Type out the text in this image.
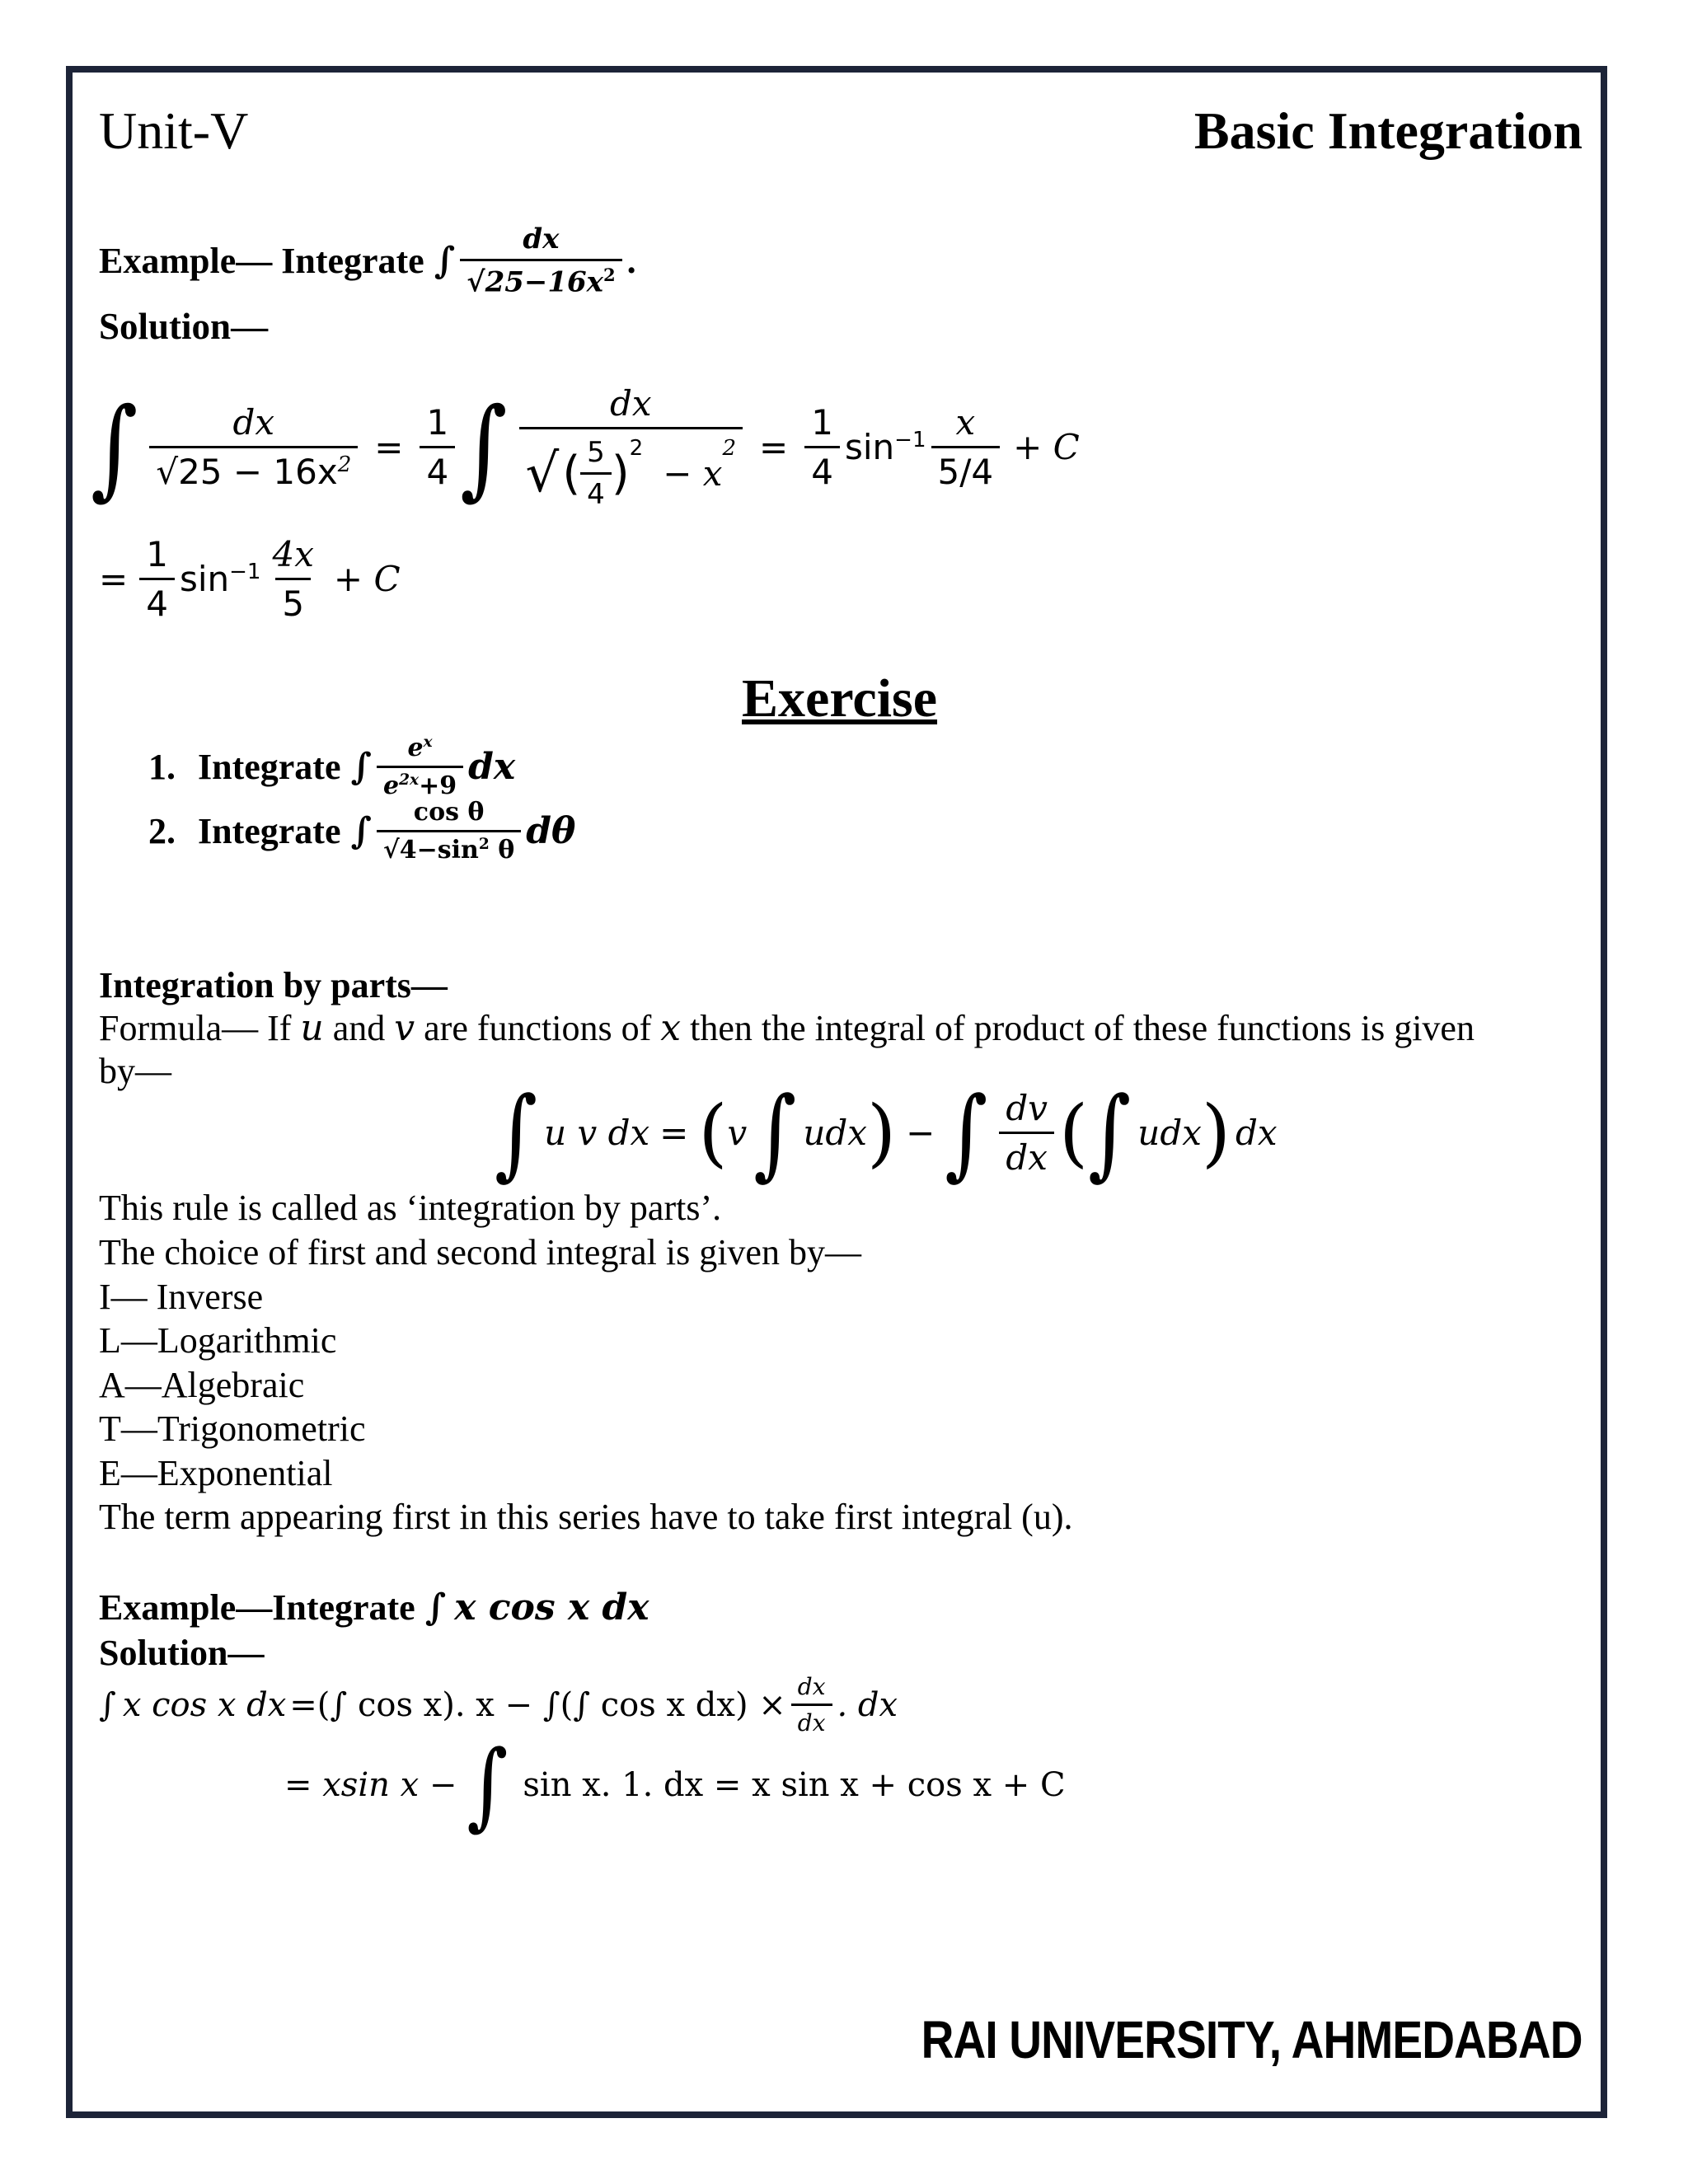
Unit-V	Basic Integration
Example— Integrate ∫ $\frac{dx}{√25-16x^2}$ .
Solution—
∫ $\frac{dx}{√25 - 16x^2} = \frac{1}{4}$ ∫	dx
√ ( $\frac{5}{4} )^2$
− x
$^2 = \frac{1}{4} \sin^{-1} \frac{x}{5/4} + C$
= $\frac{1}{4} \sin^{-1} \frac{4x}{5} + C$
Exercise
1. Integrate ∫ $\frac{e^x}{e^{2x}+9}$ dx
2. Integrate ∫ $\frac{\text{cos θ}}{√4-\sin^2 \theta}$ dθ
Integration by parts—
Formula— If u and v are functions of x then the integral of product of these functions is given
by—
∫ u v dx = ( v ∫ udx ) − ∫ $\frac{dv}{dx}$ ( ∫ udx ) dx
This rule is called as ‘integration by parts’.
The choice of first and second integral is given by—
I— Inverse
L—Logarithmic
A—Algebraic
T—Trigonometric
E—Exponential
The term appearing first in this series have to take first integral (u).
Example—Integrate ∫ x cos x dx
Solution—
∫ x cos x dx =(∫ cos x). x − ∫(∫ cos x $dx) \times \frac{dx}{dx}$ . dx
= xsin x − ∫ sin x. 1. dx = x sin x + cos x + C
RAI UNIVERSITY, AHMEDABAD
